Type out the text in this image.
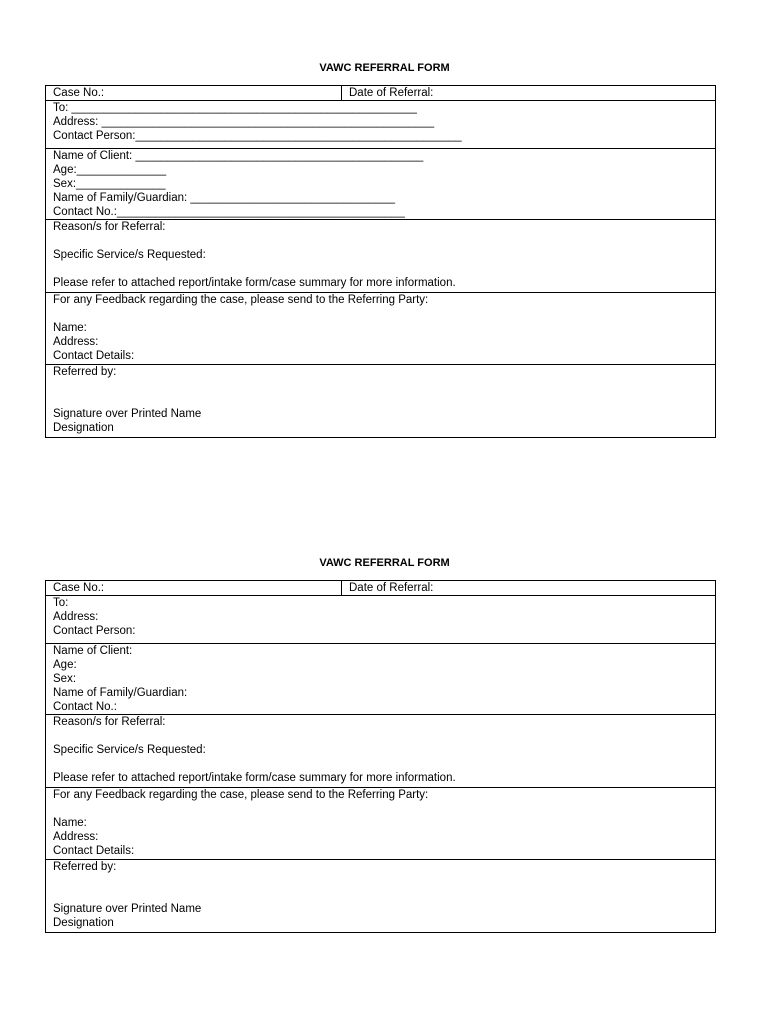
VAWC REFERRAL FORM
Case No.:	Date of Referral:

To: ______________________________________________________
Address: ____________________________________________________
Contact Person:___________________________________________________

Name of Client: _____________________________________________
Age:______________
Sex:______________
Name of Family/Guardian: ________________________________
Contact No.:_____________________________________________

Reason/s for Referral:
Specific Service/s Requested:
Please refer to attached report/intake form/case summary for more information.

For any Feedback regarding the case, please send to the Referring Party:
Name:
Address:
Contact Details:

Referred by:
Signature over Printed Name
Designation
VAWC REFERRAL FORM
Case No.:	Date of Referral:

To:
Address:
Contact Person:

Name of Client:
Age:
Sex:
Name of Family/Guardian:
Contact No.:

Reason/s for Referral:
Specific Service/s Requested:
Please refer to attached report/intake form/case summary for more information.

For any Feedback regarding the case, please send to the Referring Party:
Name:
Address:
Contact Details:

Referred by:
Signature over Printed Name
Designation
